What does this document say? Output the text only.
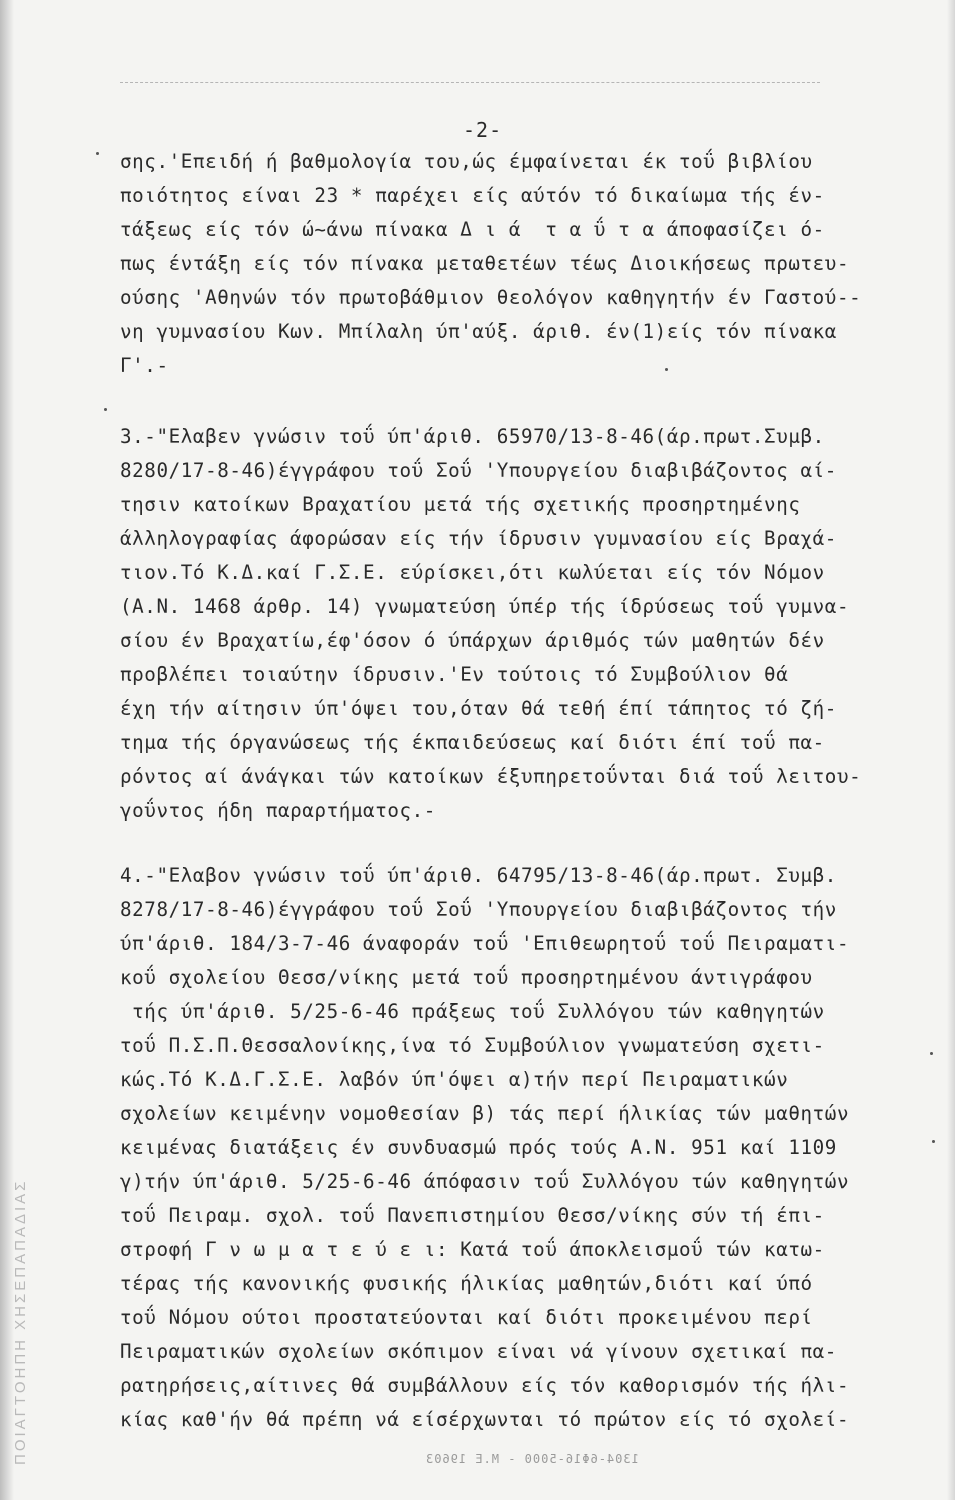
-2-
σης.'Επειδή ή βαθμολογία του,ώς έμφαίνεται έκ τοΰ βιβλίου
ποιότητος είναι 23 * παρέχει είς αύτόν τό δικαίωμα τής έν-
τάξεως είς τόν ώ~άνω πίνακα Δ ι ά  τ α ΰ τ α άποφασίζει ό-
πως έντάξη είς τόν πίνακα μεταθετέων τέως Διοικήσεως πρωτευ-
ούσης 'Αθηνών τόν πρωτοβάθμιον θεολόγον καθηγητήν έν Γαστού--
νη γυμνασίου Κων. Μπίλαλη ύπ'αύξ. άριθ. έν(1)είς τόν πίνακα
Γ'.-
3.-"Ελαβεν γνώσιν τοΰ ύπ'άριθ. 65970/13-8-46(άρ.πρωτ.Συμβ.
8280/17-8-46)έγγράφου τοΰ Σοΰ 'Υπουργείου διαβιβάζοντος αί-
τησιν κατοίκων Βραχατίου μετά τής σχετικής προσηρτημένης
άλληλογραφίας άφορώσαν είς τήν ίδρυσιν γυμνασίου είς Βραχά-
τιον.Τό Κ.Δ.καί Γ.Σ.Ε. εύρίσκει,ότι κωλύεται είς τόν Νόμον
(Α.Ν. 1468 άρθρ. 14) γνωματεύση ύπέρ τής ίδρύσεως τοΰ γυμνα-
σίου έν Βραχατίω,έφ'όσον ό ύπάρχων άριθμός τών μαθητών δέν
προβλέπει τοιαύτην ίδρυσιν.'Εν τούτοις τό Συμβούλιον θά
έχη τήν αίτησιν ύπ'όψει του,όταν θά τεθή έπί τάπητος τό ζή-
τημα τής όργανώσεως τής έκπαιδεύσεως καί διότι έπί τοΰ πα-
ρόντος αί άνάγκαι τών κατοίκων έξυπηρετοΰνται διά τοΰ λειτου-
γοΰντος ήδη παραρτήματος.-
4.-"Ελαβον γνώσιν τοΰ ύπ'άριθ. 64795/13-8-46(άρ.πρωτ. Συμβ.
8278/17-8-46)έγγράφου τοΰ Σοΰ 'Υπουργείου διαβιβάζοντος τήν
ύπ'άριθ. 184/3-7-46 άναφοράν τοΰ 'Επιθεωρητοΰ τοΰ Πειραματι-
κοΰ σχολείου Θεσσ/νίκης μετά τοΰ προσηρτημένου άντιγράφου
τής ύπ'άριθ. 5/25-6-46 πράξεως τοΰ Συλλόγου τών καθηγητών
τοΰ Π.Σ.Π.Θεσσαλονίκης,ίνα τό Συμβούλιον γνωματεύση σχετι-
κώς.Τό Κ.Δ.Γ.Σ.Ε. λαβόν ύπ'όψει α)τήν περί Πειραματικών
σχολείων κειμένην νομοθεσίαν β) τάς περί ήλικίας τών μαθητών
κειμένας διατάξεις έν συνδυασμώ πρός τούς Α.Ν. 951 καί 1109
γ)τήν ύπ'άριθ. 5/25-6-46 άπόφασιν τοΰ Συλλόγου τών καθηγητών
τοΰ Πειραμ. σχολ. τοΰ Πανεπιστημίου Θεσσ/νίκης σύν τή έπι-
στροφή Γ ν ω μ α τ ε ύ ε ι: Κατά τοΰ άποκλεισμοΰ τών κατω-
τέρας τής κανονικής φυσικής ήλικίας μαθητών,διότι καί ύπό
τοΰ Νόμου ούτοι προστατεύονται καί διότι προκειμένου περί
Πειραματικών σχολείων σκόπιμον είναι νά γίνουν σχετικαί πα-
ρατηρήσεις,αίτινες θά συμβάλλουν είς τόν καθορισμόν τής ήλι-
κίας καθ'ήν θά πρέπη νά είσέρχωνται τό πρώτον είς τό σχολεί-
ΠΟΙΑΓΤΟΗΠΗ ΧΗΣΕΠΑΠΑΔΙΑΣ	1304-6Φ16-5000 - Μ.Ε 19603
